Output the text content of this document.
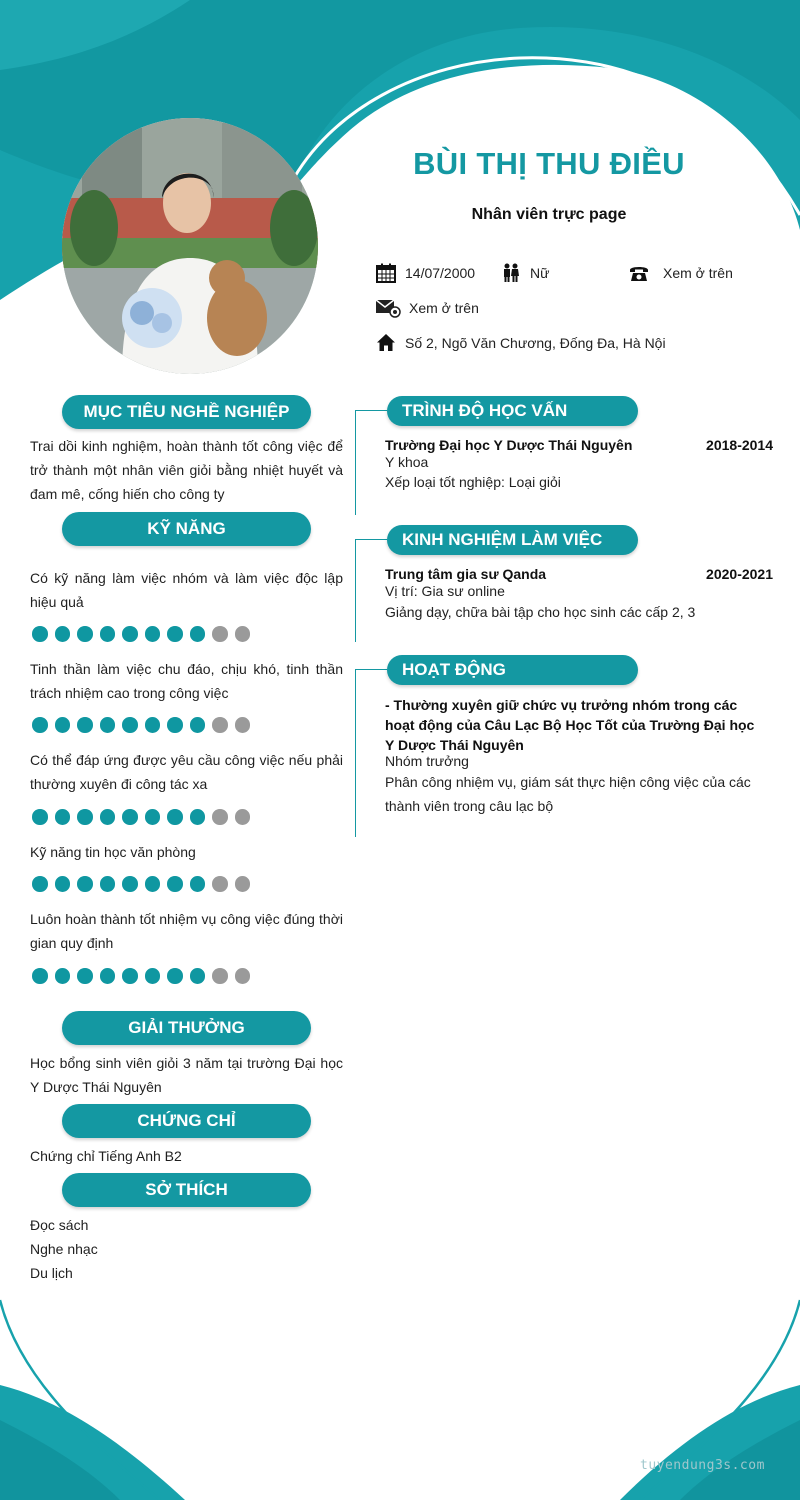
BÙI THỊ THU ĐIỀU
Nhân viên trực page
14/07/2000	Nữ	Xem ở trên
Xem ở trên
Số 2, Ngõ Văn Chương, Đống Đa, Hà Nội
MỤC TIÊU NGHỀ NGHIỆP
Trai dồi kinh nghiệm, hoàn thành tốt công việc để trở thành một nhân viên giỏi bằng nhiệt huyết và đam mê, cống hiến cho công ty
KỸ NĂNG
Có kỹ năng làm việc nhóm và làm việc độc lập hiệu quả
Tinh thần làm việc chu đáo, chịu khó, tinh thần trách nhiệm cao trong công việc
Có thể đáp ứng được yêu cầu công việc nếu phải thường xuyên đi công tác xa
Kỹ năng tin học văn phòng
Luôn hoàn thành tốt nhiệm vụ công việc đúng thời gian quy định
GIẢI THƯỞNG
Học bổng sinh viên giỏi 3 năm tại trường Đại học Y Dược Thái Nguyên
CHỨNG CHỈ
Chứng chỉ Tiếng Anh B2
SỞ THÍCH
Đọc sách
Nghe nhạc
Du lịch
TRÌNH ĐỘ HỌC VẤN
Trường Đại học Y Dược Thái Nguyên	2018-2014
Y khoa
Xếp loại tốt nghiệp: Loại giỏi
KINH NGHIỆM LÀM VIỆC
Trung tâm gia sư Qanda	2020-2021
Vị trí: Gia sư online
Giảng dạy, chữa bài tập cho học sinh các cấp 2, 3
HOẠT ĐỘNG
- Thường xuyên giữ chức vụ trưởng nhóm trong các hoạt động của Câu Lạc Bộ Học Tốt của Trường Đại học Y Dược Thái Nguyên
Nhóm trưởng
Phân công nhiệm vụ, giám sát thực hiện công việc của các thành viên trong câu lạc bộ
tuyendung3s.com
